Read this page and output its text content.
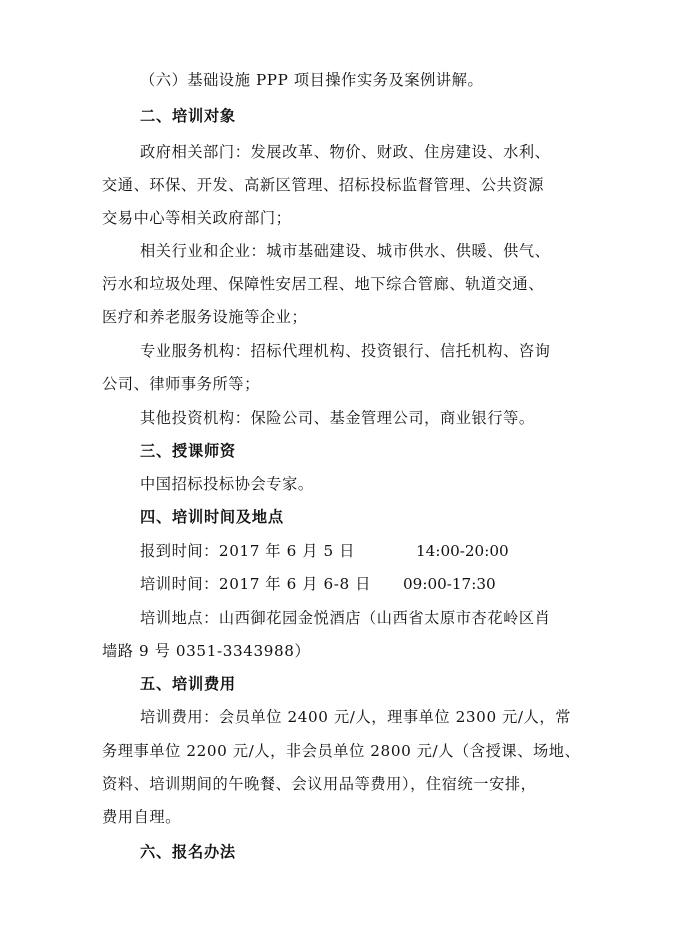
（六）基础设施 PPP 项目操作实务及案例讲解。
二、培训对象
政府相关部门：发展改革、物价、财政、住房建设、水利、
交通、环保、开发、高新区管理、招标投标监督管理、公共资源
交易中心等相关政府部门；
相关行业和企业：城市基础建设、城市供水、供暖、供气、
污水和垃圾处理、保障性安居工程、地下综合管廊、轨道交通、
医疗和养老服务设施等企业；
专业服务机构：招标代理机构、投资银行、信托机构、咨询
公司、律师事务所等；
其他投资机构：保险公司、基金管理公司，商业银行等。
三、授课师资
中国招标投标协会专家。
四、培训时间及地点
报到时间：2017 年 6 月 5 日	14:00-20:00
培训时间：2017 年 6 月 6-8 日 09:00-17:30
培训地点：山西御花园金悦酒店（山西省太原市杏花岭区肖
墙路 9 号 0351-3343988）
五、培训费用
培训费用：会员单位 2400 元/人，理事单位 2300 元/人，常
务理事单位 2200 元/人，非会员单位 2800 元/人（含授课、场地、
资料、培训期间的午晚餐、会议用品等费用），住宿统一安排，
费用自理。
六、报名办法
